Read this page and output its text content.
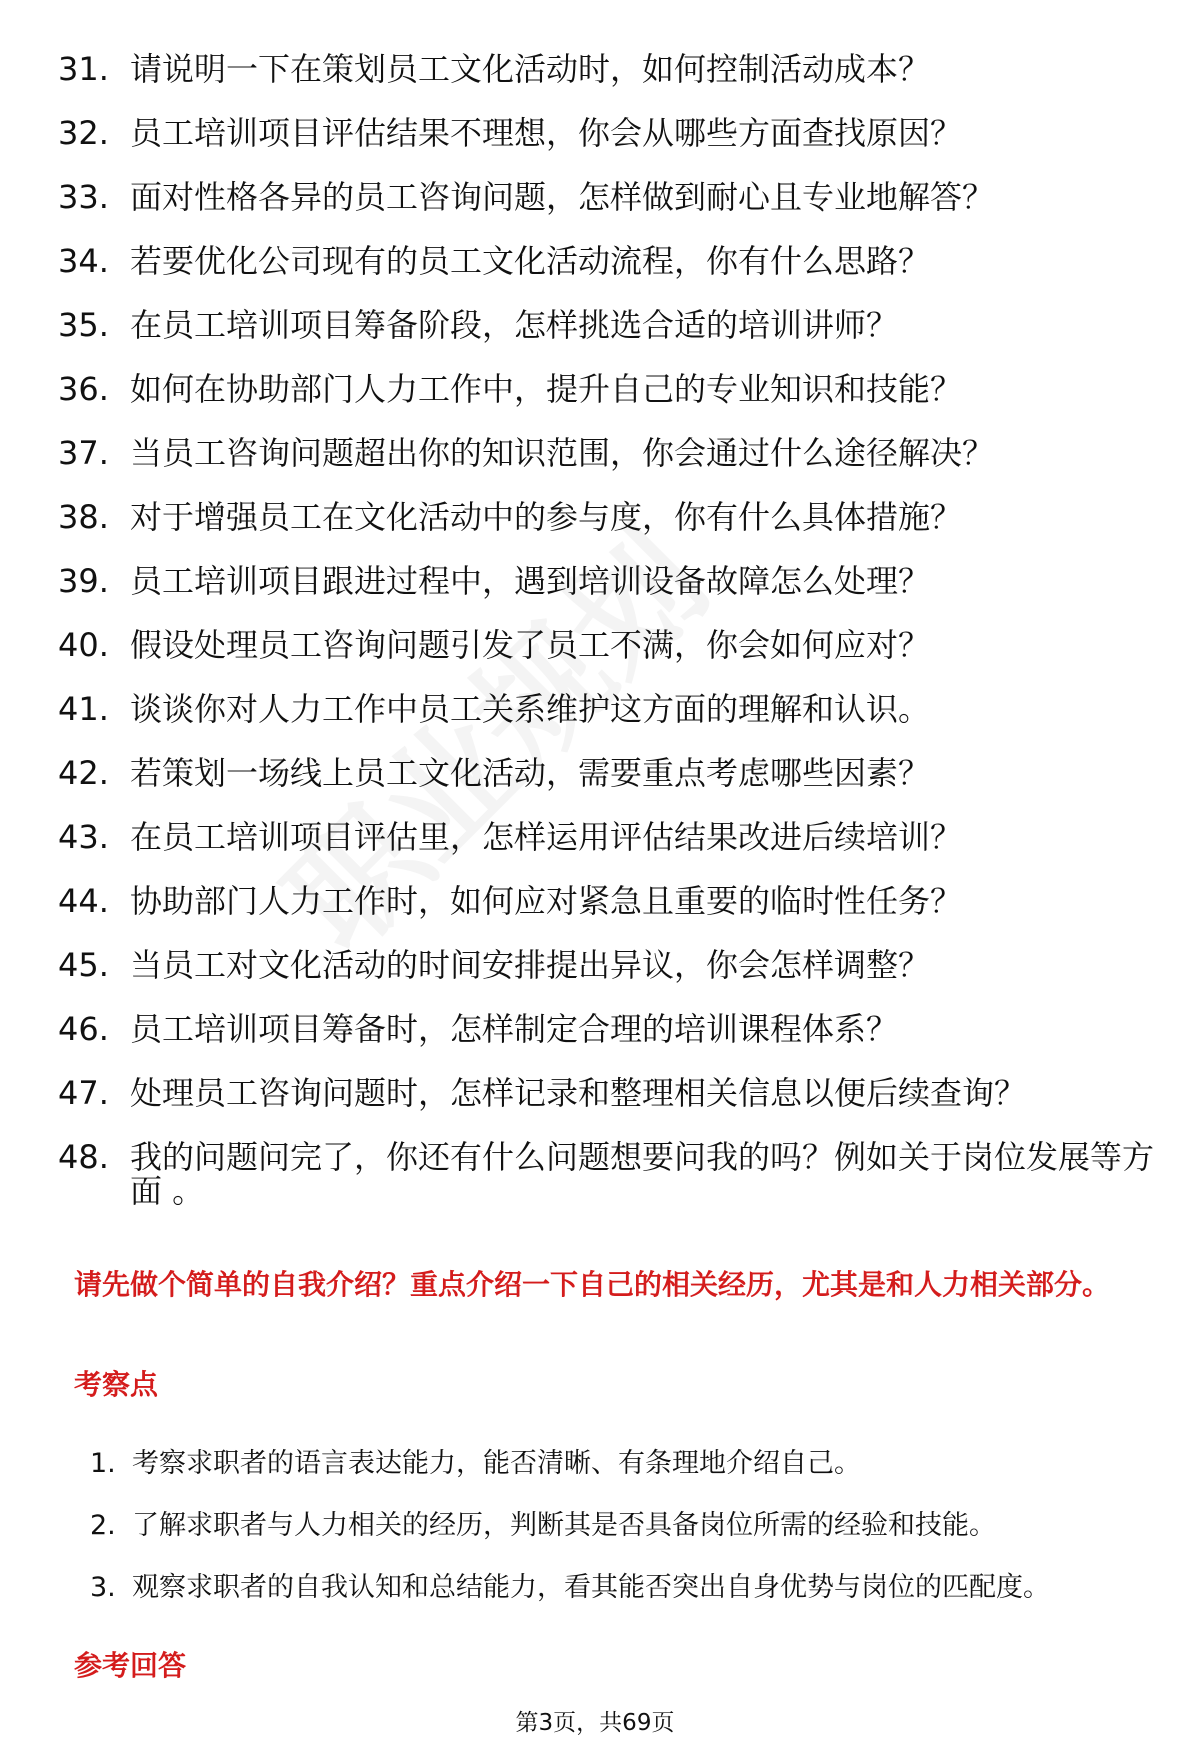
31. 请说明一下在策划员工文化活动时，如何控制活动成本？
32. 员工培训项目评估结果不理想，你会从哪些方面查找原因？
33. 面对性格各异的员工咨询问题，怎样做到耐心且专业地解答？
34. 若要优化公司现有的员工文化活动流程，你有什么思路？
35. 在员工培训项目筹备阶段，怎样挑选合适的培训讲师？
36. 如何在协助部门人力工作中，提升自己的专业知识和技能？
37. 当员工咨询问题超出你的知识范围，你会通过什么途径解决？
38. 对于增强员工在文化活动中的参与度，你有什么具体措施？
39. 员工培训项目跟进过程中，遇到培训设备故障怎么处理？
40. 假设处理员工咨询问题引发了员工不满，你会如何应对？
41. 谈谈你对人力工作中员工关系维护这方面的理解和认识。
42. 若策划一场线上员工文化活动，需要重点考虑哪些因素？
43. 在员工培训项目评估里，怎样运用评估结果改进后续培训？
44. 协助部门人力工作时，如何应对紧急且重要的临时性任务？
45. 当员工对文化活动的时间安排提出异议，你会怎样调整？
46. 员工培训项目筹备时，怎样制定合理的培训课程体系？
47. 处理员工咨询问题时，怎样记录和整理相关信息以便后续查询？
48. 我的问题问完了，你还有什么问题想要问我的吗？例如关于岗位发展等方面 。
请先做个简单的自我介绍？重点介绍一下自己的相关经历，尤其是和人力相关部分。
考察点
1. 考察求职者的语言表达能力，能否清晰、有条理地介绍自己。
2. 了解求职者与人力相关的经历，判断其是否具备岗位所需的经验和技能。
3. 观察求职者的自我认知和总结能力，看其能否突出自身优势与岗位的匹配度。
参考回答
第3页，共69页
